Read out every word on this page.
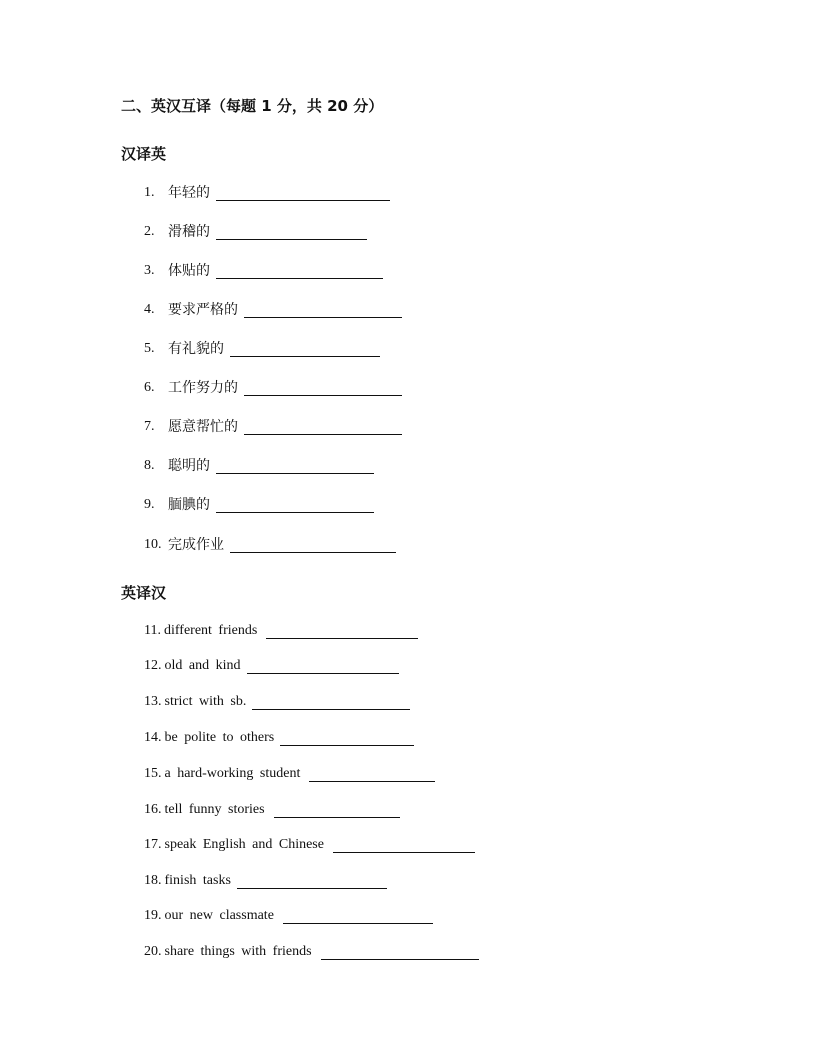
二、英汉互译（每题 1 分，共 20 分）
汉译英
1. 年轻的
2. 滑稽的
3. 体贴的
4. 要求严格的
5. 有礼貌的
6. 工作努力的
7. 愿意帮忙的
8. 聪明的
9. 腼腆的
10. 完成作业
英译汉
11. different friends
12. old and kind
13. strict with sb.
14. be polite to others
15. a hard-working student
16. tell funny stories
17. speak English and Chinese
18. finish tasks
19. our new classmate
20. share things with friends
